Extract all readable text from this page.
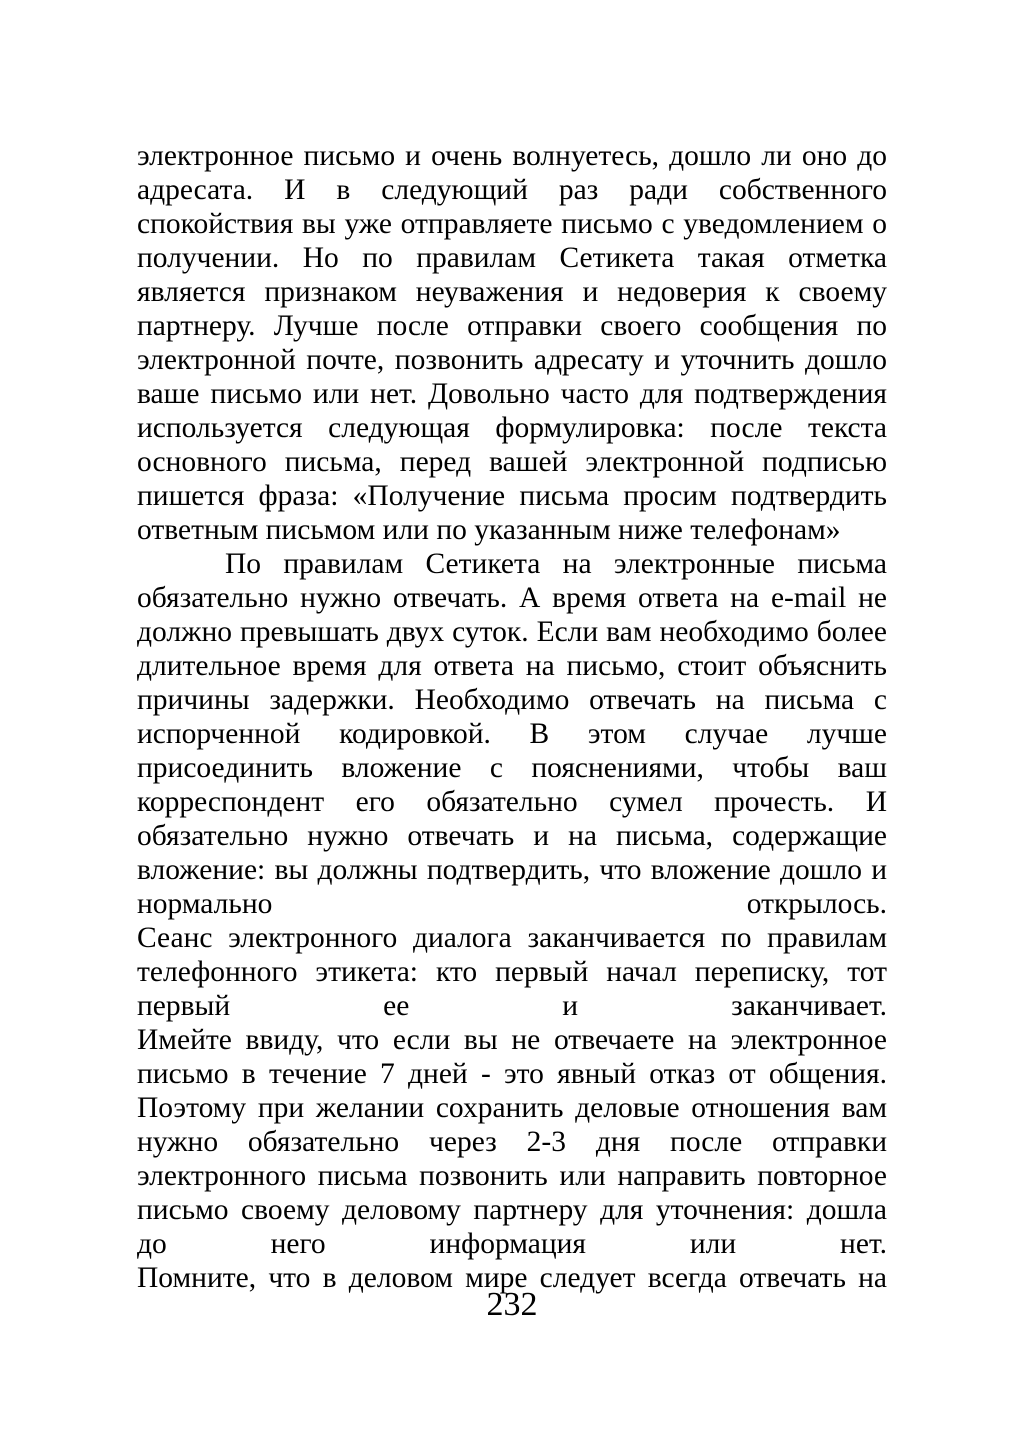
электронное письмо и очень волнуетесь, дошло ли оно до
адресата. И в следующий раз ради собственного
спокойствия вы уже отправляете письмо с уведомлением о
получении. Но по правилам Сетикета такая отметка
является признаком неуважения и недоверия к своему
партнеру. Лучше после отправки своего сообщения по
электронной почте, позвонить адресату и уточнить дошло
ваше письмо или нет. Довольно часто для подтверждения
используется следующая формулировка: после текста
основного письма, перед вашей электронной подписью
пишется фраза: «Получение письма просим подтвердить
ответным письмом или по указанным ниже телефонам»
По правилам Сетикета на электронные письма
обязательно нужно отвечать. А время ответа на e-mail не
должно превышать двух суток. Если вам необходимо более
длительное время для ответа на письмо, стоит объяснить
причины задержки. Необходимо отвечать на письма с
испорченной кодировкой. В этом случае лучше
присоединить вложение с пояснениями, чтобы ваш
корреспондент его обязательно сумел прочесть. И
обязательно нужно отвечать и на письма, содержащие
вложение: вы должны подтвердить, что вложение дошло и
нормально открылось.
Сеанс электронного диалога заканчивается по правилам
телефонного этикета: кто первый начал переписку, тот
первый ее и заканчивает.
Имейте ввиду, что если вы не отвечаете на электронное
письмо в течение 7 дней - это явный отказ от общения.
Поэтому при желании сохранить деловые отношения вам
нужно обязательно через 2-3 дня после отправки
электронного письма позвонить или направить повторное
письмо своему деловому партнеру для уточнения: дошла
до него информация или нет.
Помните, что в деловом мире следует всегда отвечать на
232
